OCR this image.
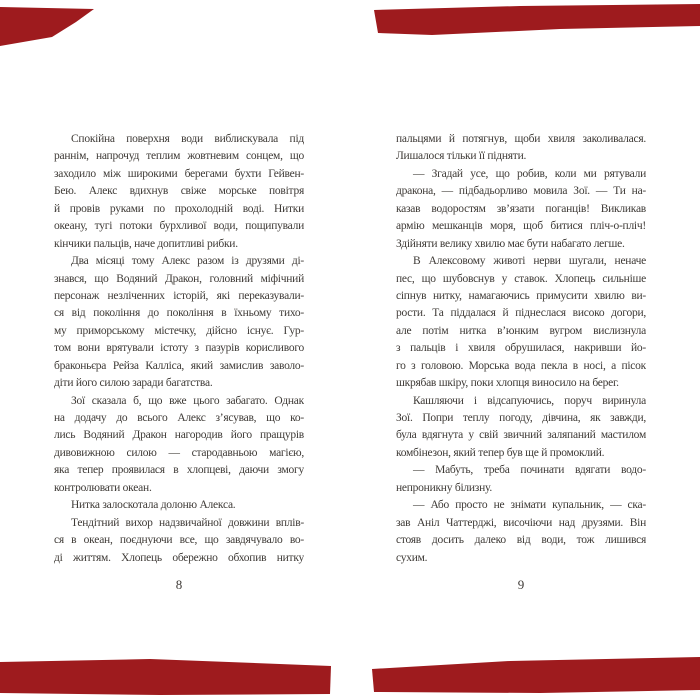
Спокійна поверхня води виблискувала під
раннім, напрочуд теплим жовтневим сонцем, що
заходило між широкими берегами бухти Гейвен-
Бею. Алекс вдихнув свіже морське повітря
й провів руками по прохолодній воді. Нитки
океану, тугі потоки бурхливої води, пощипували
кінчики пальців, наче допитливі рибки.
Два місяці тому Алекс разом із друзями ді-
знався, що Водяний Дракон, головний міфічний
персонаж незліченних історій, які переказували-
ся від покоління до покоління в їхньому тихо-
му приморському містечку, дійсно існує. Гур-
том вони врятували істоту з пазурів корисливого
браконьєра Рейза Калліса, який замислив заволо-
діти його силою заради багатства.
Зої сказала б, що вже цього забагато. Однак
на додачу до всього Алекс з’ясував, що ко-
лись Водяний Дракон нагородив його пращурів
дивовижною силою — стародавньою магією,
яка тепер проявилася в хлопцеві, даючи змогу
контролювати океан.
Нитка залоскотала долоню Алекса.
Тендітний вихор надзвичайної довжини вплів-
ся в океан, поєднуючи все, що завдячувало во-
ді життям. Хлопець обережно обхопив нитку
пальцями й потягнув, щоби хвиля заколивалася.
Лишалося тільки її підняти.
— Згадай усе, що робив, коли ми рятували
дракона, — підбадьорливо мовила Зої. — Ти на-
казав водоростям зв’язати поганців! Викликав
армію мешканців моря, щоб битися пліч-о-пліч!
Здійняти велику хвилю має бути набагато легше.
В Алексовому животі нерви шугали, неначе
пес, що шубовснув у ставок. Хлопець сильніше
сіпнув нитку, намагаючись примусити хвилю ви-
рости. Та піддалася й піднеслася високо догори,
але потім нитка в’юнким вугром вислизнула
з пальців і хвиля обрушилася, накривши йо-
го з головою. Морська вода пекла в носі, а пісок
шкрябав шкіру, поки хлопця виносило на берег.
Кашляючи і відсапуючись, поруч виринула
Зої. Попри теплу погоду, дівчина, як завжди,
була вдягнута у свій звичний заляпаний мастилом
комбінезон, який тепер був ще й промоклий.
— Мабуть, треба починати вдягати водо-
непроникну білизну.
— Або просто не знімати купальник, — ска-
зав Аніл Чаттерджі, височіючи над друзями. Він
стояв досить далеко від води, тож лишився
сухим.
8	9
